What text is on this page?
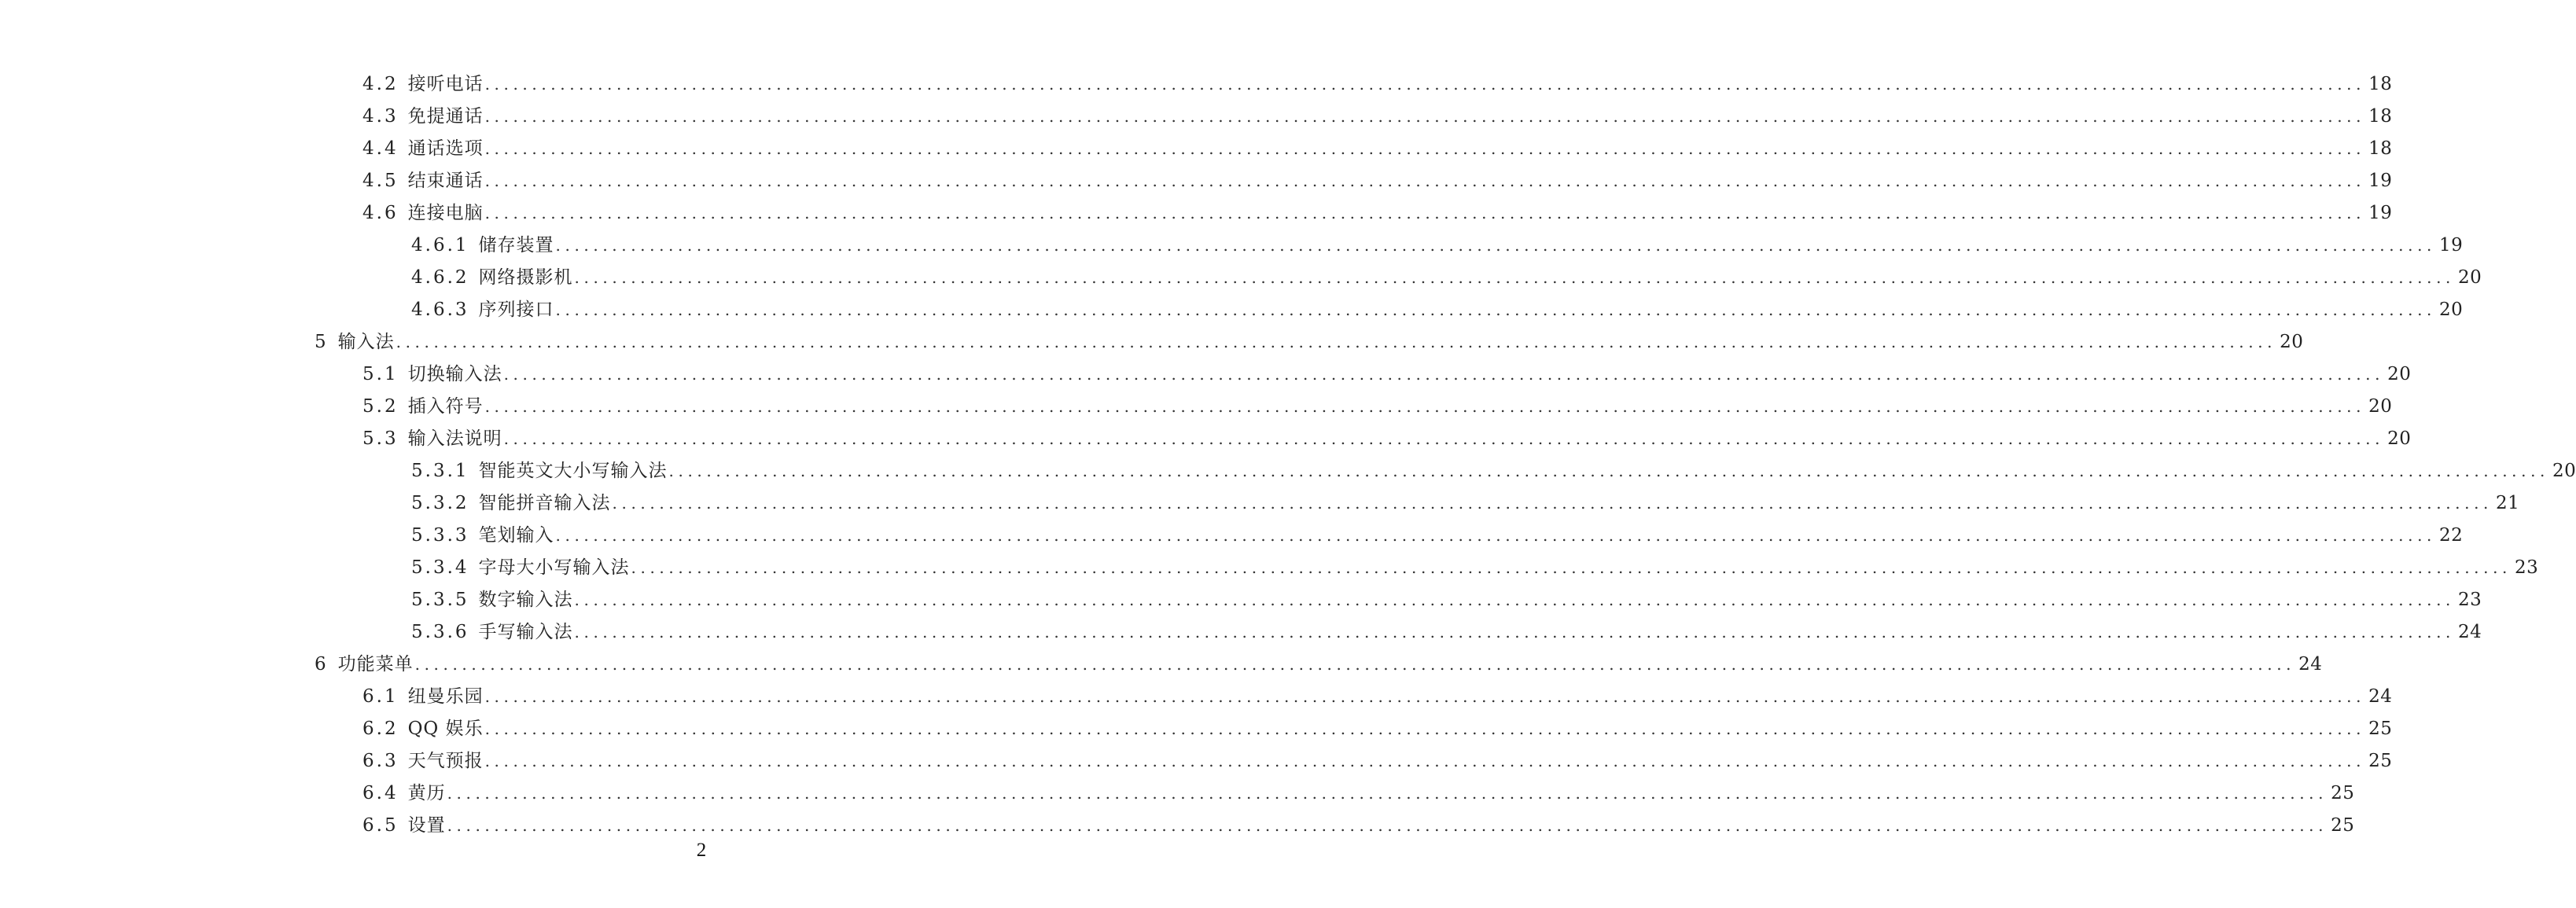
4.2 接听电话 ........................................................................................................................................................................................................ 18
4.3 免提通话 ........................................................................................................................................................................................................ 18
4.4 通话选项 ........................................................................................................................................................................................................ 18
4.5 结束通话 ........................................................................................................................................................................................................ 19
4.6 连接电脑 ........................................................................................................................................................................................................ 19
4.6.1 储存装置 ........................................................................................................................................................................................................ 19
4.6.2 网络摄影机 ........................................................................................................................................................................................................ 20
4.6.3 序列接口 ........................................................................................................................................................................................................ 20
5 输入法 ........................................................................................................................................................................................................ 20
5.1 切换输入法 ........................................................................................................................................................................................................ 20
5.2 插入符号 ........................................................................................................................................................................................................ 20
5.3 输入法说明 ........................................................................................................................................................................................................ 20
5.3.1 智能英文大小写输入法 ........................................................................................................................................................................................................ 20
5.3.2 智能拼音输入法 ........................................................................................................................................................................................................ 21
5.3.3 笔划输入 ........................................................................................................................................................................................................ 22
5.3.4 字母大小写输入法 ........................................................................................................................................................................................................ 23
5.3.5 数字输入法 ........................................................................................................................................................................................................ 23
5.3.6 手写输入法 ........................................................................................................................................................................................................ 24
6 功能菜单 ........................................................................................................................................................................................................ 24
6.1 纽曼乐园 ........................................................................................................................................................................................................ 24
6.2 QQ 娱乐 ........................................................................................................................................................................................................ 25
6.3 天气预报 ........................................................................................................................................................................................................ 25
6.4 黄历 ........................................................................................................................................................................................................ 25
6.5 设置 ........................................................................................................................................................................................................ 25
2
